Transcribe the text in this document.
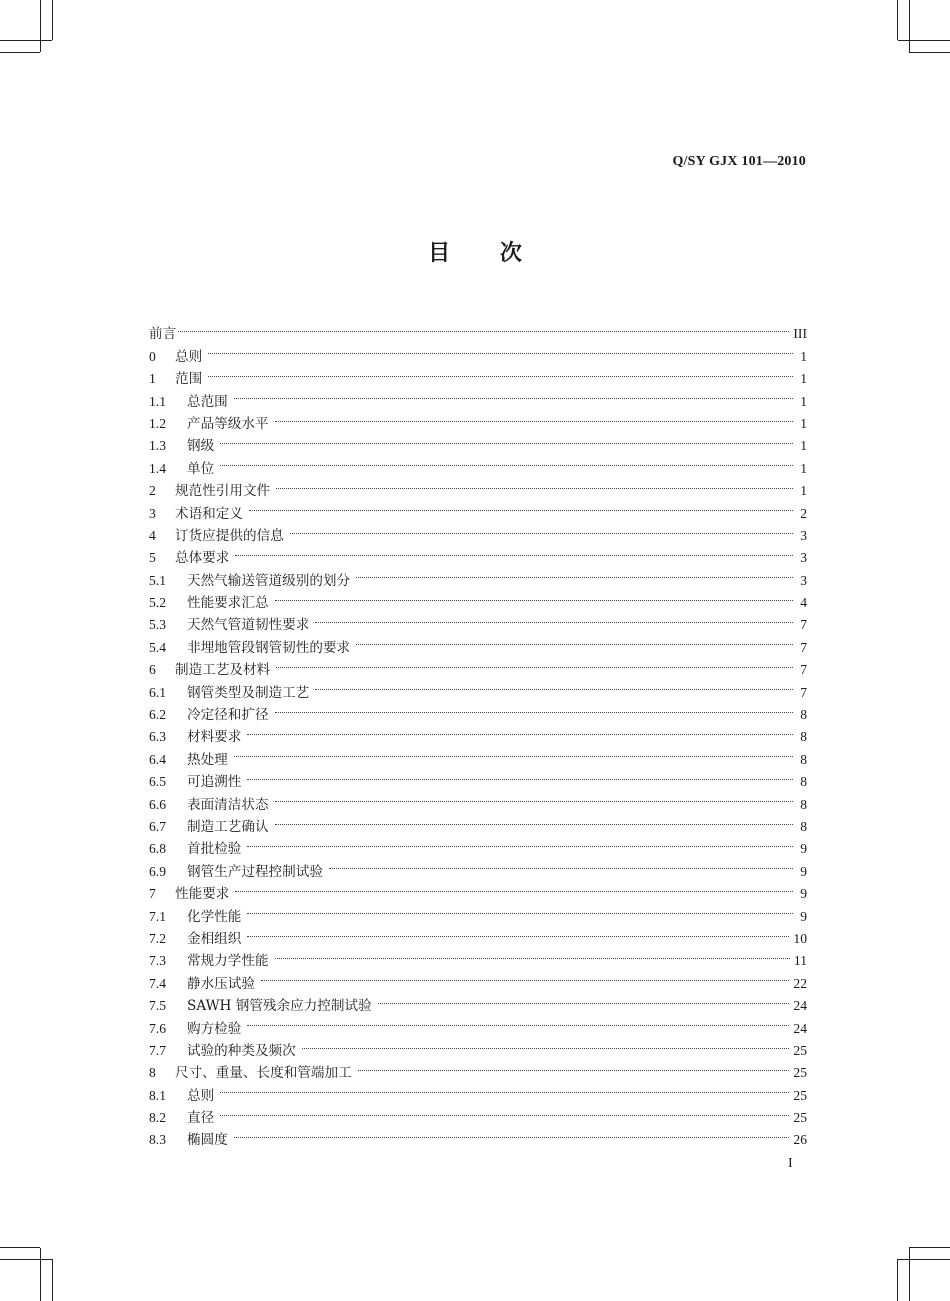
Q/SY GJX 101—2010
目 次
前言	III
0	总则	1
1	范围	1
1.1	总范围	1
1.2	产品等级水平	1
1.3	钢级	1
1.4	单位	1
2	规范性引用文件	1
3	术语和定义	2
4	订货应提供的信息	3
5	总体要求	3
5.1	天然气输送管道级别的划分	3
5.2	性能要求汇总	4
5.3	天然气管道韧性要求	7
5.4	非埋地管段钢管韧性的要求	7
6	制造工艺及材料	7
6.1	钢管类型及制造工艺	7
6.2	冷定径和扩径	8
6.3	材料要求	8
6.4	热处理	8
6.5	可追溯性	8
6.6	表面清洁状态	8
6.7	制造工艺确认	8
6.8	首批检验	9
6.9	钢管生产过程控制试验	9
7	性能要求	9
7.1	化学性能	9
7.2	金相组织	10
7.3	常规力学性能	11
7.4	静水压试验	22
7.5	SAWH 钢管残余应力控制试验	24
7.6	购方检验	24
7.7	试验的种类及频次	25
8	尺寸、重量、长度和管端加工	25
8.1	总则	25
8.2	直径	25
8.3	椭圆度	26
I
